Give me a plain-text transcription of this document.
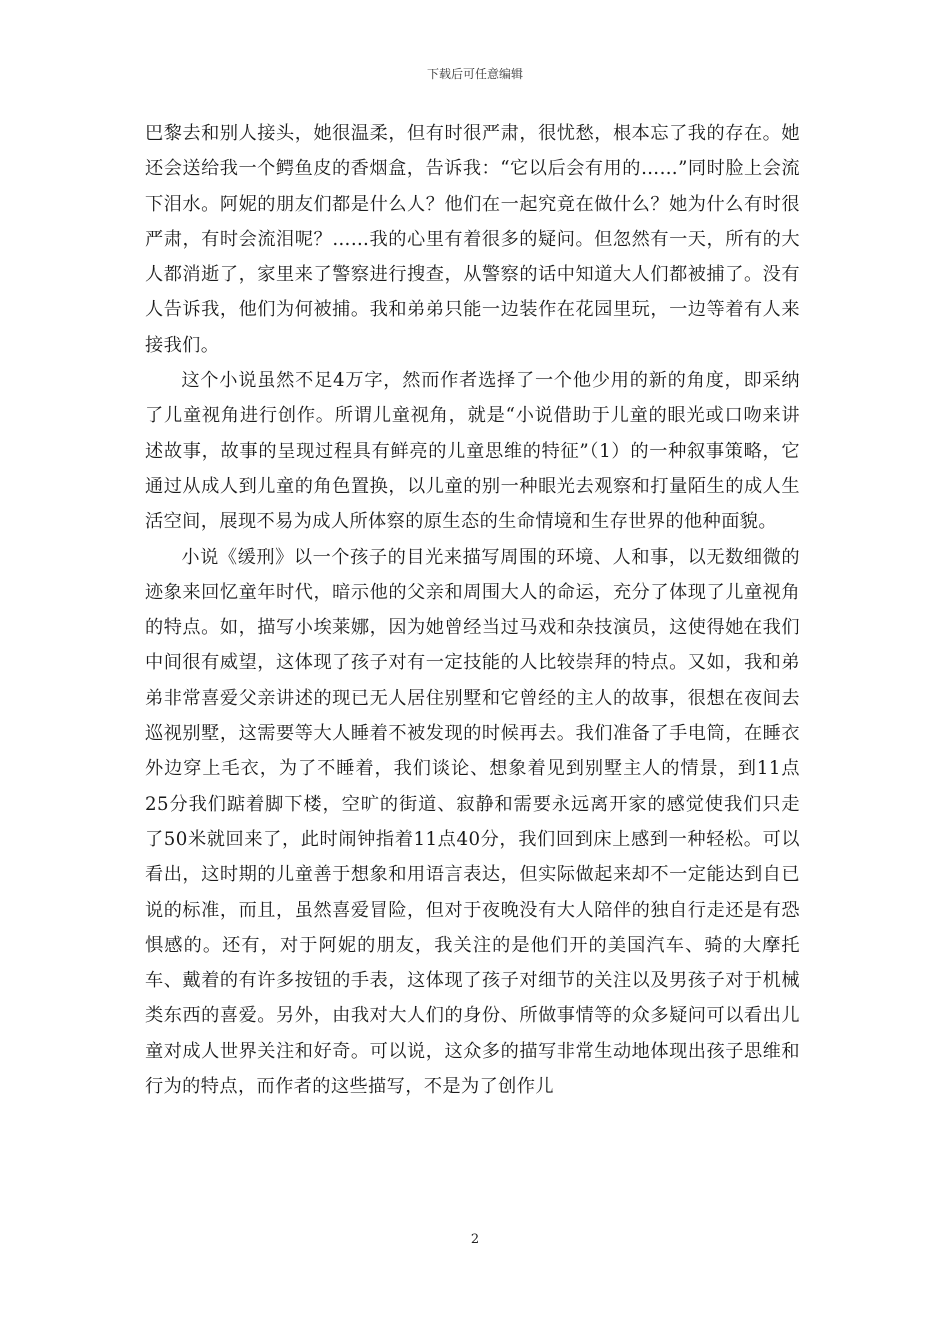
下载后可任意编辑

巴黎去和别人接头，她很温柔，但有时很严肃，很忧愁，根本忘了我的存在。她还会送给我一个鳄鱼皮的香烟盒，告诉我：“它以后会有用的……”同时脸上会流下泪水。阿妮的朋友们都是什么人？他们在一起究竟在做什么？她为什么有时很严肃，有时会流泪呢？……我的心里有着很多的疑问。但忽然有一天，所有的大人都消逝了，家里来了警察进行搜查，从警察的话中知道大人们都被捕了。没有人告诉我，他们为何被捕。我和弟弟只能一边装作在花园里玩，一边等着有人来接我们。

这个小说虽然不足4万字，然而作者选择了一个他少用的新的角度，即采纳了儿童视角进行创作。所谓儿童视角，就是“小说借助于儿童的眼光或口吻来讲述故事，故事的呈现过程具有鲜亮的儿童思维的特征”（1）的一种叙事策略，它通过从成人到儿童的角色置换，以儿童的别一种眼光去观察和打量陌生的成人生活空间，展现不易为成人所体察的原生态的生命情境和生存世界的他种面貌。

小说《缓刑》以一个孩子的目光来描写周围的环境、人和事，以无数细微的迹象来回忆童年时代，暗示他的父亲和周围大人的命运，充分了体现了儿童视角的特点。如，描写小埃莱娜，因为她曾经当过马戏和杂技演员，这使得她在我们中间很有威望，这体现了孩子对有一定技能的人比较崇拜的特点。又如，我和弟弟非常喜爱父亲讲述的现已无人居住别墅和它曾经的主人的故事，很想在夜间去巡视别墅，这需要等大人睡着不被发现的时候再去。我们准备了手电筒，在睡衣外边穿上毛衣，为了不睡着，我们谈论、想象着见到别墅主人的情景，到11点25分我们踮着脚下楼，空旷的街道、寂静和需要永远离开家的感觉使我们只走了50米就回来了，此时闹钟指着11点40分，我们回到床上感到一种轻松。可以看出，这时期的儿童善于想象和用语言表达，但实际做起来却不一定能达到自已说的标准，而且，虽然喜爱冒险，但对于夜晚没有大人陪伴的独自行走还是有恐惧感的。还有，对于阿妮的朋友，我关注的是他们开的美国汽车、骑的大摩托车、戴着的有许多按钮的手表，这体现了孩子对细节的关注以及男孩子对于机械类东西的喜爱。另外，由我对大人们的身份、所做事情等的众多疑问可以看出儿童对成人世界关注和好奇。可以说，这众多的描写非常生动地体现出孩子思维和行为的特点，而作者的这些描写，不是为了创作儿

2
